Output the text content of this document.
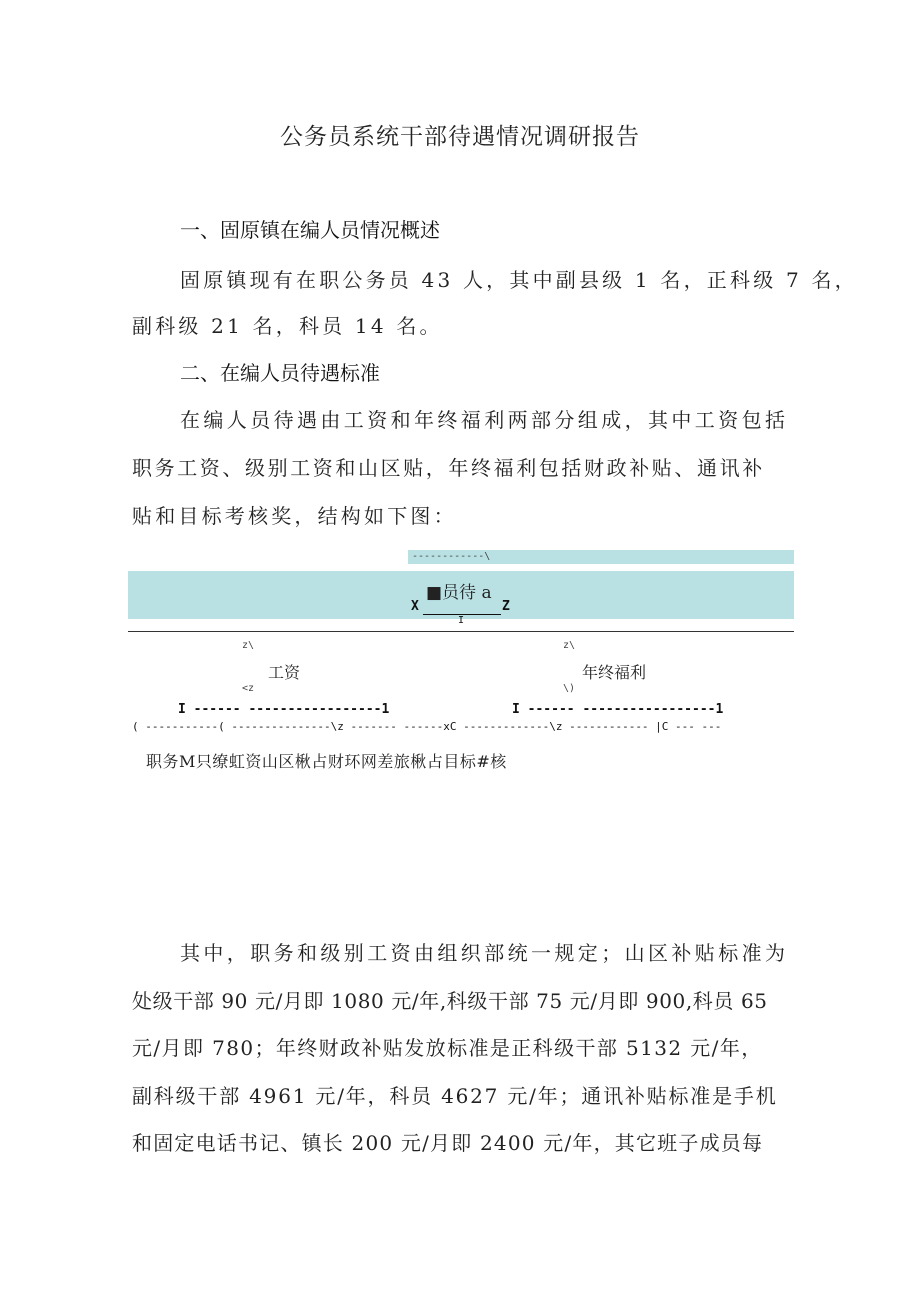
公务员系统干部待遇情况调研报告
一、固原镇在编人员情况概述
固原镇现有在职公务员 43 人，其中副县级 1 名，正科级 7 名，
副科级 21 名，科员 14 名。
二、在编人员待遇标准
在编人员待遇由工资和年终福利两部分组成，其中工资包括
职务工资、级别工资和山区贴，年终福利包括财政补贴、通讯补
贴和目标考核奖，结构如下图：
------------\
■员待 a
X	Z
I
z\
工资
<z
z\
年终福利
\)
I ------ -----------------1	I ------ -----------------1
( -----------( ---------------\z ------- ------xC -------------\z ------------ |C --- ---
职务M只缭虹资山区楸占财环网差旅楸占目标#核
其中，职务和级别工资由组织部统一规定；山区补贴标准为
处级干部 90 元/月即 1080 元/年,科级干部 75 元/月即 900,科员 65
元/月即 780；年终财政补贴发放标准是正科级干部 5132 元/年，
副科级干部 4961 元/年，科员 4627 元/年；通讯补贴标准是手机
和固定电话书记、镇长 200 元/月即 2400 元/年，其它班子成员每
